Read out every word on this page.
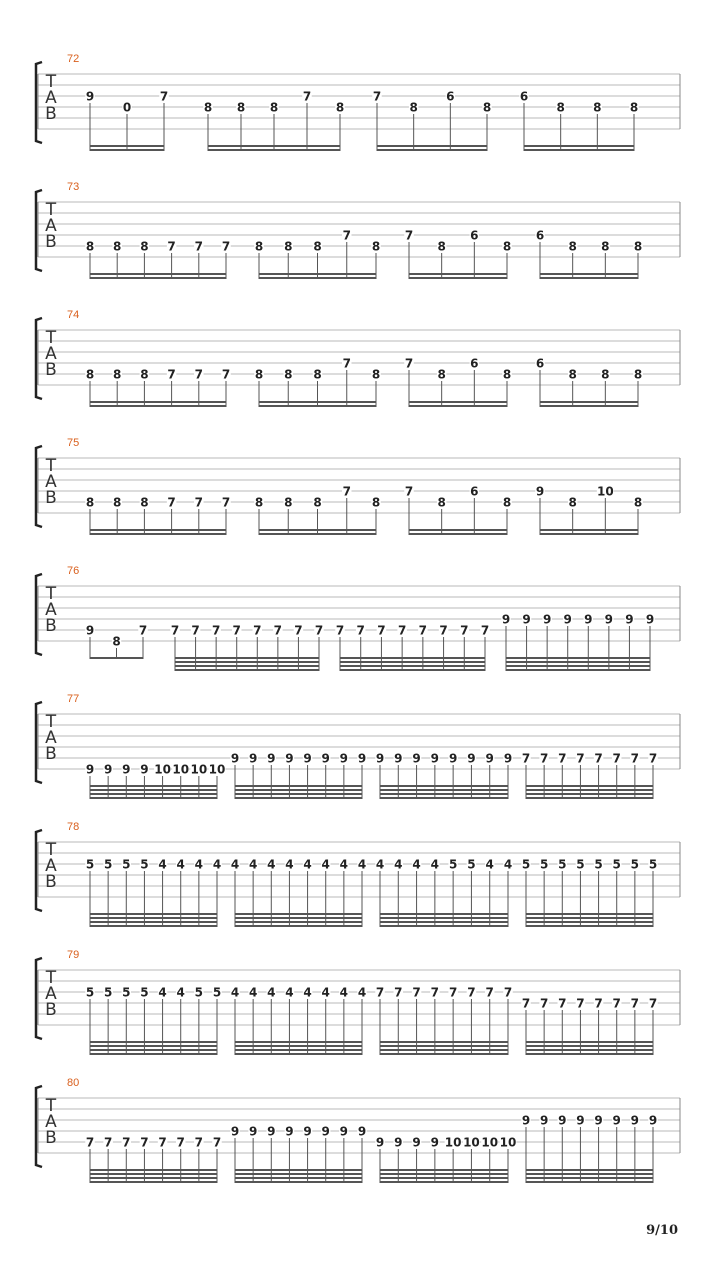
72
T
A
B
9
0
7
8 8 8
7
8
7
8
6
8
6
8 8 8
73
T
A
B 8 8 8 7 7 7 8 8 8
7
8
7
8
6
8
6
8 8 8
74
T
A
B 8 8 8 7 7 7 8 8 8
7
8
7
8
6
8
6
8 8 8
75
T
A
B 8 8 8 7 7 7 8 8 8
7
8
7
8
6
8
9
8
10
8
76
T
A
B 9
8
7 7 7 7 7 7 7 7 7 7 7 7 7 7 7 7 7
9 9 9 9 9 9 9 9
77
T
A
B
9 9 9 9 10 10 10 10
9 9 9 9 9 9 9 9 9 9 9 9 9 9 9 9 7 7 7 7 7 7 7 7
78
T
A
B
5 5 5 5 4 4 4 4 4 4 4 4 4 4 4 4 4 4 4 4 5 5 4 4 5 5 5 5 5 5 5 5
79
T
A
B
5 5 5 5 4 4 5 5 4 4 4 4 4 4 4 4 7 7 7 7 7 7 7 7
7 7 7 7 7 7 7 7
80
T
A
B 7 7 7 7 7 7 7 7
9 9 9 9 9 9 9 9
9 9 9 9 10 10 10 10
9 9 9 9 9 9 9 9
9/10
